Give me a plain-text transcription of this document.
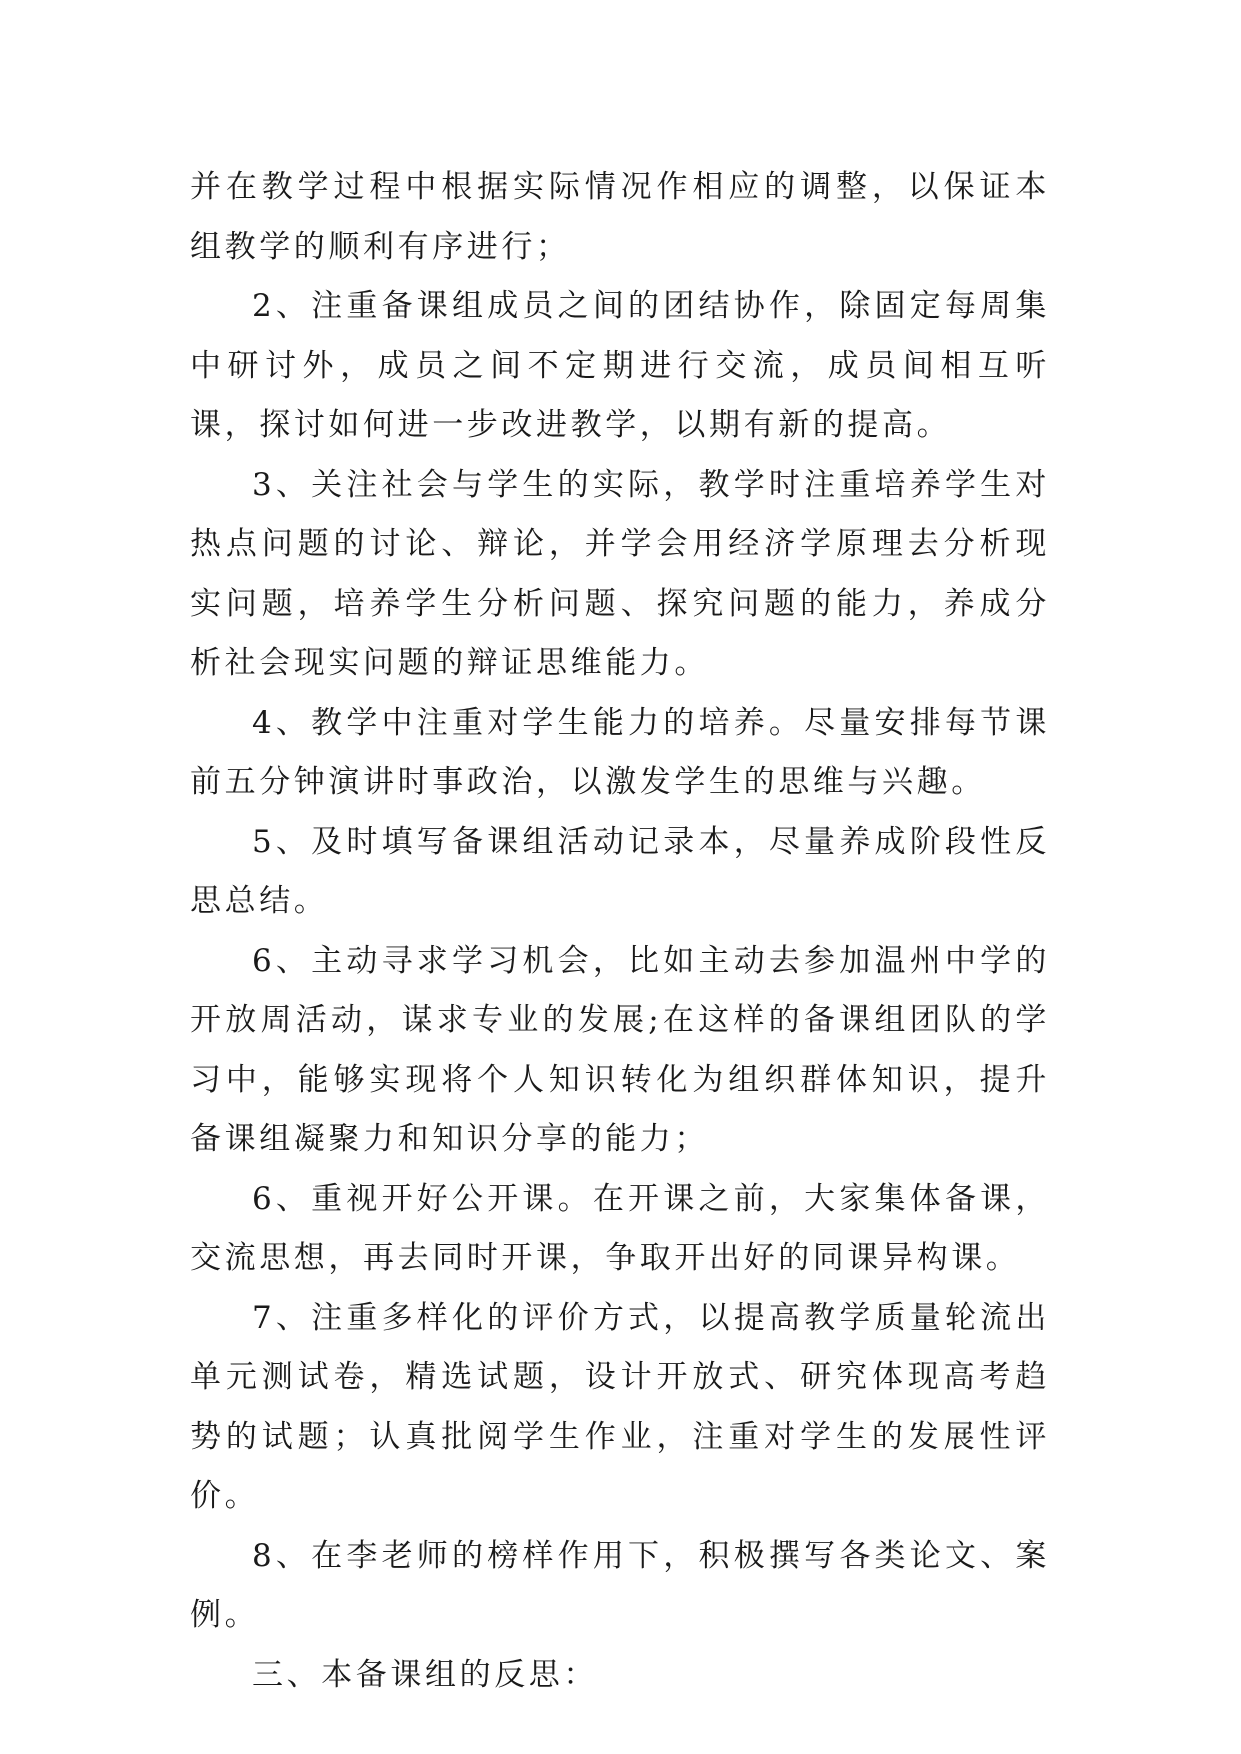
并在教学过程中根据实际情况作相应的调整，以保证本组教学的顺利有序进行；

2、注重备课组成员之间的团结协作，除固定每周集中研讨外，成员之间不定期进行交流，成员间相互听课，探讨如何进一步改进教学，以期有新的提高。

3、关注社会与学生的实际，教学时注重培养学生对热点问题的讨论、辩论，并学会用经济学原理去分析现实问题，培养学生分析问题、探究问题的能力，养成分析社会现实问题的辩证思维能力。

4、教学中注重对学生能力的培养。尽量安排每节课前五分钟演讲时事政治，以激发学生的思维与兴趣。

5、及时填写备课组活动记录本，尽量养成阶段性反思总结。

6、主动寻求学习机会，比如主动去参加温州中学的开放周活动，谋求专业的发展;在这样的备课组团队的学习中，能够实现将个人知识转化为组织群体知识，提升备课组凝聚力和知识分享的能力；

6、重视开好公开课。在开课之前，大家集体备课，交流思想，再去同时开课，争取开出好的同课异构课。

7、注重多样化的评价方式，以提高教学质量轮流出单元测试卷，精选试题，设计开放式、研究体现高考趋势的试题；认真批阅学生作业，注重对学生的发展性评价。

8、在李老师的榜样作用下，积极撰写各类论文、案例。

三、本备课组的反思：
